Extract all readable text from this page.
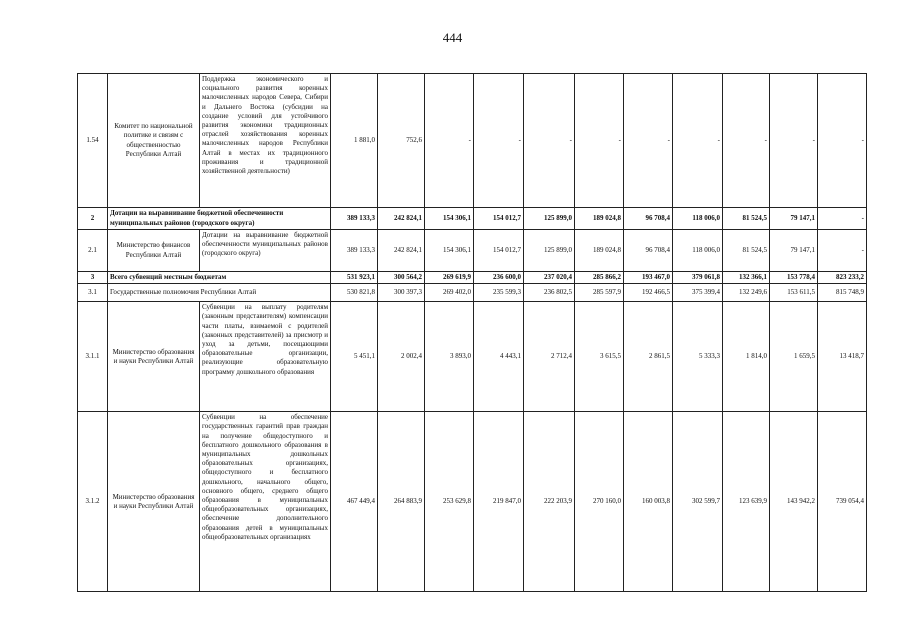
444
1.54	Комитет по национальной политике и связям с общественностью Республики Алтай	Поддержка экономического и социального развития коренных малочисленных народов Севера, Сибири и Дальнего Востока (субсидии на создание условий для устойчивого развития экономики традиционных отраслей хозяйствования коренных малочисленных народов Республики Алтай в местах их традиционного проживания и традиционной хозяйственной деятельности)	1 881,0	752,6	-	-	-	-	-	-	-	-	-
2	Дотации на выравнивание бюджетной обеспеченности муниципальных районов (городского округа)		389 133,3	242 824,1	154 306,1	154 012,7	125 899,0	189 024,8	96 708,4	118 006,0	81 524,5	79 147,1	-
2.1	Министерство финансов Республики Алтай	Дотации на выравнивание бюджетной обеспеченности муниципальных районов (городского округа)	389 133,3	242 824,1	154 306,1	154 012,7	125 899,0	189 024,8	96 708,4	118 006,0	81 524,5	79 147,1	-
3	Всего субвенций местным бюджетам		531 923,1	300 564,2	269 619,9	236 600,0	237 020,4	285 866,2	193 467,0	379 061,8	132 366,1	153 778,4	823 233,2
3.1	Государственные полномочия Республики Алтай		530 821,8	300 397,3	269 402,0	235 599,3	236 802,5	285 597,9	192 466,5	375 399,4	132 249,6	153 611,5	815 748,9
3.1.1	Министерство образования и науки Республики Алтай	Субвенции на выплату родителям (законным представителям) компенсации части платы, взимаемой с родителей (законных представителей) за присмотр и уход за детьми, посещающими образовательные организации, реализующие образовательную программу дошкольного образования	5 451,1	2 002,4	3 893,0	4 443,1	2 712,4	3 615,5	2 861,5	5 333,3	1 814,0	1 659,5	13 418,7
3.1.2	Министерство образования и науки Республики Алтай	Субвенции на обеспечение государственных гарантий прав граждан на получение общедоступного и бесплатного дошкольного образования в муниципальных дошкольных образовательных организациях, общедоступного и бесплатного дошкольного, начального общего, основного общего, среднего общего образования в муниципальных общеобразовательных организациях, обеспечение дополнительного образования детей в муниципальных общеобразовательных организациях	467 449,4	264 883,9	253 629,8	219 847,0	222 203,9	270 160,0	160 003,8	302 599,7	123 639,9	143 942,2	739 054,4
